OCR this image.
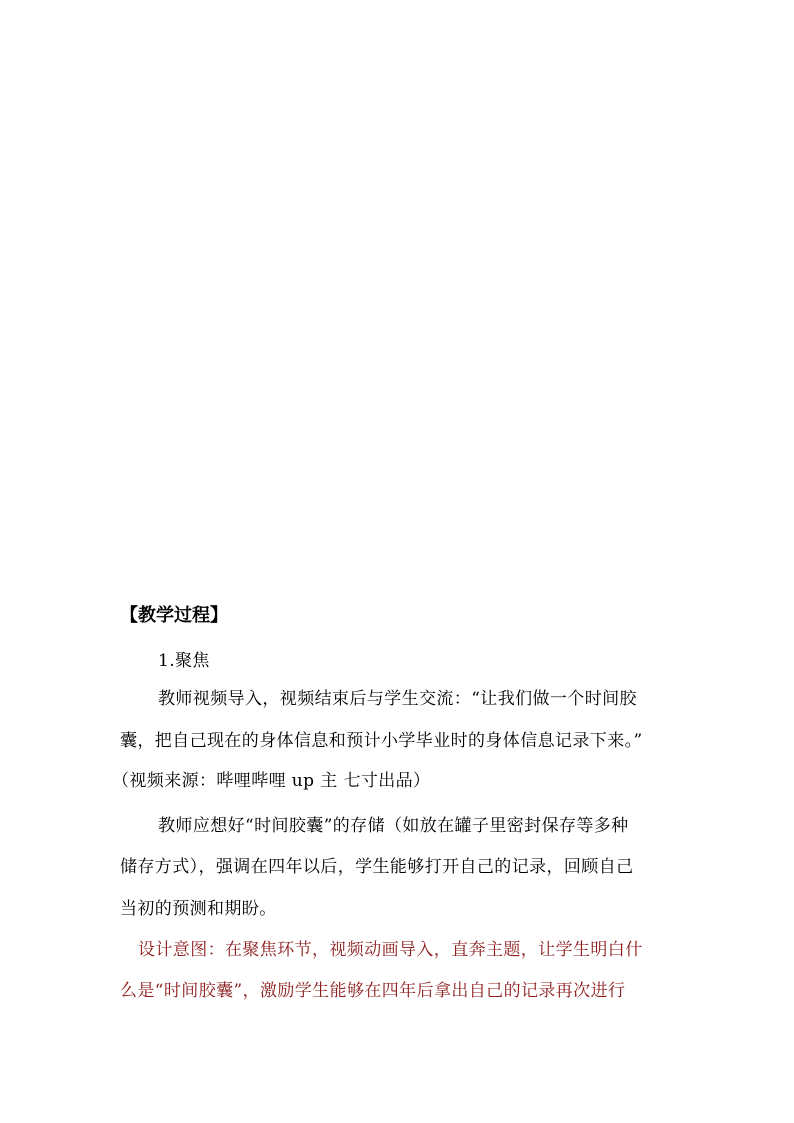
【教学过程】
1.聚焦
教师视频导入，视频结束后与学生交流：“让我们做一个时间胶
囊，把自己现在的身体信息和预计小学毕业时的身体信息记录下来。”
（视频来源：哔哩哔哩 up 主 七寸出品）
教师应想好“时间胶囊”的存储（如放在罐子里密封保存等多种
储存方式），强调在四年以后，学生能够打开自己的记录，回顾自己
当初的预测和期盼。
设计意图：在聚焦环节，视频动画导入，直奔主题，让学生明白什
么是“时间胶囊”，激励学生能够在四年后拿出自己的记录再次进行
